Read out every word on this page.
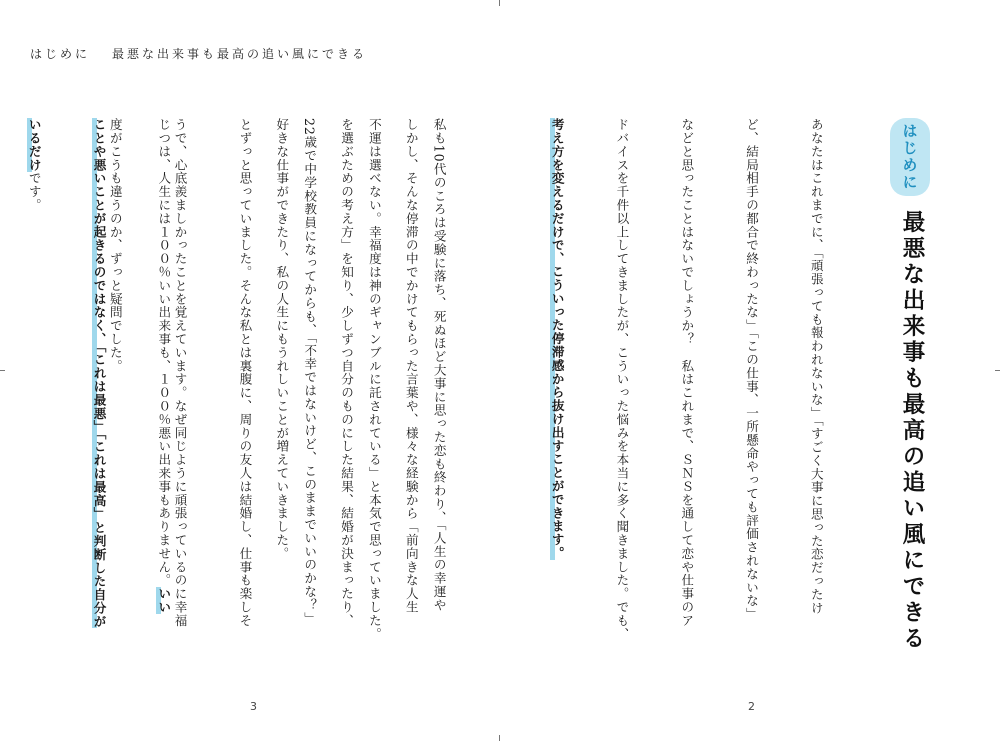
はじめに 最悪な出来事も最高の追い風にできる
はじめに
最悪な出来事も最高の追い風にできる

あなたはこれまでに、「頑張っても報われないな」「すごく大事に思った恋だったけ

ど、結局相手の都合で終わったな」「この仕事、一所懸命やっても評価されないな」

などと思ったことはないでしょうか？　私はこれまで、ＳＮＳを通して恋や仕事のア

ドバイスを千件以上してきましたが、こういった悩みを本当に多く聞きました。でも、

考え方を変えるだけで、こういった停滞感から抜け出すことができます。

私も10代のころは受験に落ち、死ぬほど大事に思った恋も終わり、「人生の幸運や

不運は選べない。幸福度は神のギャンブルに託されている」と本気で思っていました。

22歳で中学校教員になってからも、「不幸ではないけど、このままでいいのかな？」

とずっと思っていました。そんな私とは裏腹に、周りの友人は結婚し、仕事も楽しそ

うで、心底羨ましかったことを覚えています。なぜ同じように頑張っているのに幸福

度がこうも違うのか、ずっと疑問でした。

	しかし、そんな停滞の中でかけてもらった言葉や、様々な経験から「前向きな人生

を選ぶための考え方」を知り、少しずつ自分のものにした結果、結婚が決まったり、

好きな仕事ができたり、私の人生にもうれしいことが増えていきました。

じつは、人生には１００％いい出来事も、１００％悪い出来事もありません。いい

ことや悪いことが起きるのではなく、「これは最悪」「これは最高」と判断した自分が

いるだけです。

3	2
